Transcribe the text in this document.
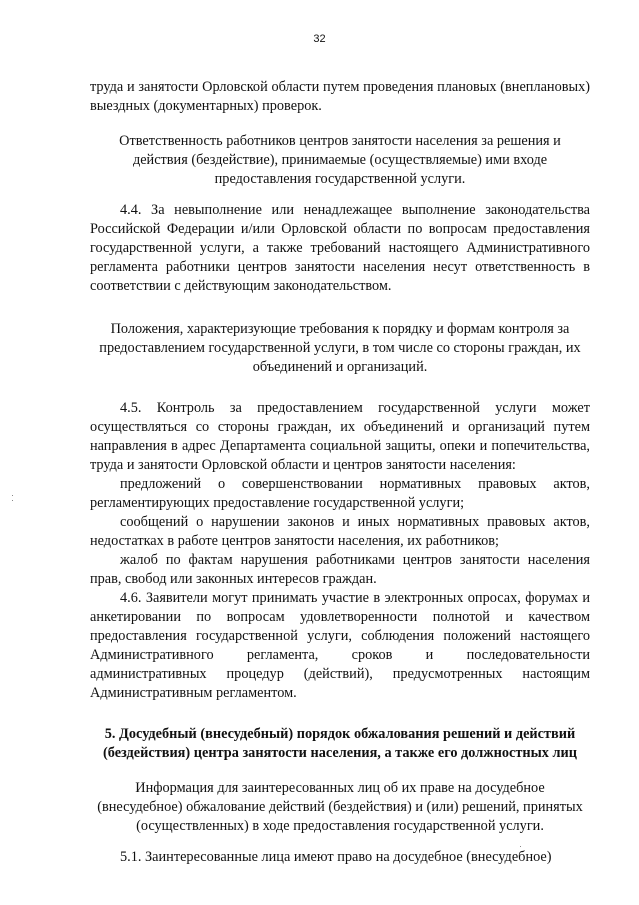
32

труда и занятости Орловской области путем проведения плановых (внеплановых) выездных (документарных) проверок.

Ответственность работников центров занятости населения за решения и действия (бездействие), принимаемые (осуществляемые) ими входе предоставления государственной услуги.

4.4. За невыполнение или ненадлежащее выполнение законодательства Российской Федерации и/или Орловской области по вопросам предоставления государственной услуги, а также требований настоящего Административного регламента работники центров занятости населения несут ответственность в соответствии с действующим законодательством.

Положения, характеризующие требования к порядку и формам контроля за предоставлением государственной услуги, в том числе со стороны граждан, их объединений и организаций.

4.5. Контроль за предоставлением государственной услуги может осуществляться со стороны граждан, их объединений и организаций путем направления в адрес Департамента социальной защиты, опеки и попечительства, труда и занятости Орловской области и центров занятости населения:

предложений о совершенствовании нормативных правовых актов, регламентирующих предоставление государственной услуги;

сообщений о нарушении законов и иных нормативных правовых актов, недостатках в работе центров занятости населения, их работников;

жалоб по фактам нарушения работниками центров занятости населения прав, свобод или законных интересов граждан.

4.6. Заявители могут принимать участие в электронных опросах, форумах и анкетировании по вопросам удовлетворенности полнотой и качеством предоставления государственной услуги, соблюдения положений настоящего Административного регламента, сроков и последовательности административных процедур (действий), предусмотренных настоящим Административным регламентом.

5. Досудебный (внесудебный) порядок обжалования решений и действий (бездействия) центра занятости населения, а также его должностных лиц

Информация для заинтересованных лиц об их праве на досудебное (внесудебное) обжалование действий (бездействия) и (или) решений, принятых (осуществленных) в ходе предоставления государственной услуги.

5.1. Заинтересованные лица имеют право на досудебное (внесудебное)
